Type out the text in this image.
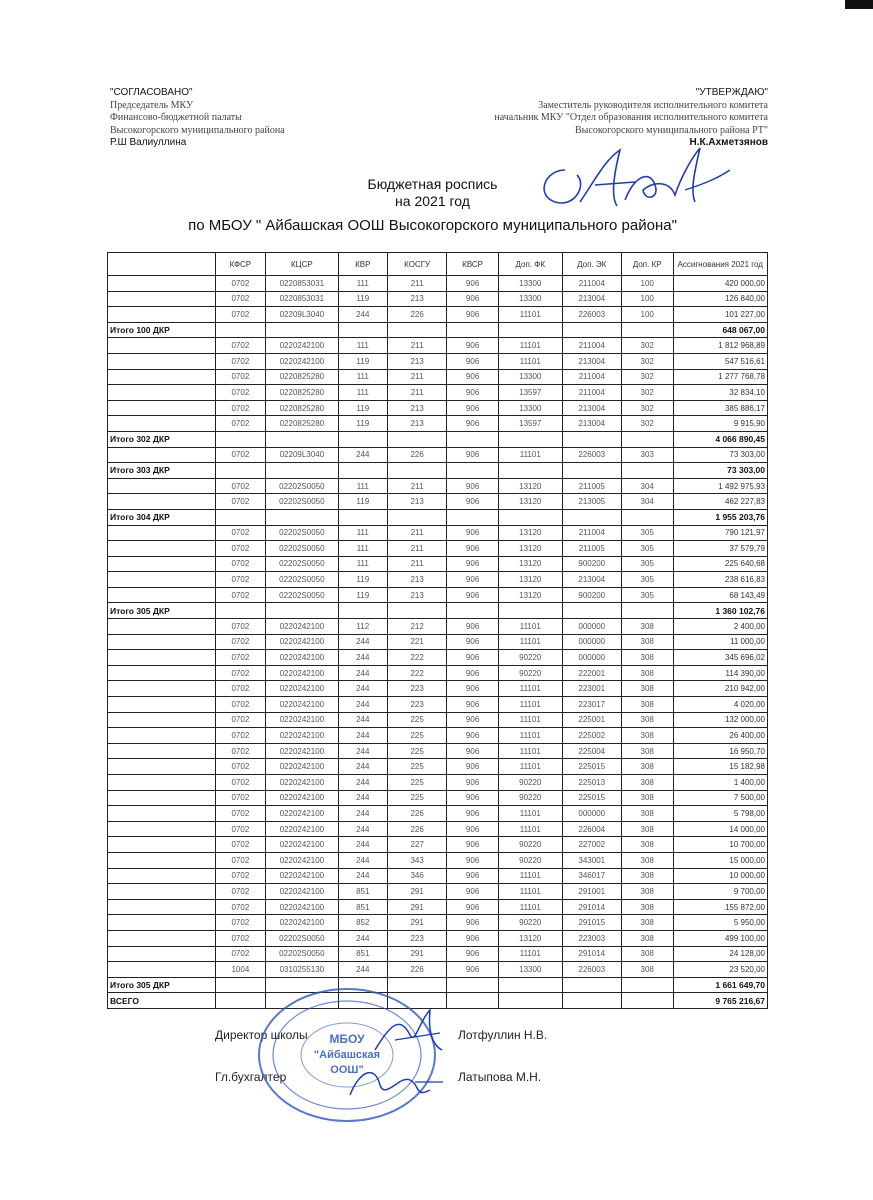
"СОГЛАСОВАНО"
Председатель МКУ
Финансово-бюджетной палаты
Высокогорского муниципального района
Р.Ш Валиуллина
"УТВЕРЖДАЮ"
Заместитель руководителя исполнительного комитета
начальник МКУ "Отдел образования исполнительного комитета
Высокогорского муниципального района РТ"
Н.К.Ахметзянов
Бюджетная роспись
на 2021 год
по МБОУ " Айбашская ООШ Высокогорского муниципального района"
	КФСР	КЦСР	КВР	КОСГУ	КВСР	Доп. ФК	Доп. ЭК	Доп. КР	Ассигнования 2021 год
	0702	0220853031	111	211	906	13300	211004	100	420 000,00
	0702	0220853031	119	213	906	13300	213004	100	126 840,00
	0702	02209L3040	244	226	906	11101	226003	100	101 227,00
Итого 100 ДКР									648 067,00
	0702	0220242100	111	211	906	11101	211004	302	1 812 968,89
	0702	0220242100	119	213	906	11101	213004	302	547 516,61
	0702	0220825280	111	211	906	13300	211004	302	1 277 768,78
	0702	0220825280	111	211	906	13597	211004	302	32 834,10
	0702	0220825280	119	213	906	13300	213004	302	385 886,17
	0702	0220825280	119	213	906	13597	213004	302	9 915,90
Итого 302 ДКР									4 066 890,45
	0702	02209L3040	244	226	906	11101	226003	303	73 303,00
Итого 303 ДКР									73 303,00
	0702	02202S0050	111	211	906	13120	211005	304	1 492 975,93
	0702	02202S0050	119	213	906	13120	213005	304	462 227,83
Итого 304 ДКР									1 955 203,76
	0702	02202S0050	111	211	906	13120	211004	305	790 121,97
	0702	02202S0050	111	211	906	13120	211005	305	37 579,79
	0702	02202S0050	111	211	906	13120	900200	305	225 640,68
	0702	02202S0050	119	213	906	13120	213004	305	238 616,83
	0702	02202S0050	119	213	906	13120	900200	305	68 143,49
Итого 305 ДКР									1 360 102,76
	0702	0220242100	112	212	906	11101	000000	308	2 400,00
	0702	0220242100	244	221	906	11101	000000	308	11 000,00
	0702	0220242100	244	222	906	90220	000000	308	345 696,02
	0702	0220242100	244	222	906	90220	222001	308	114 390,00
	0702	0220242100	244	223	906	11101	223001	308	210 942,00
	0702	0220242100	244	223	906	11101	223017	308	4 020,00
	0702	0220242100	244	225	906	11101	225001	308	132 000,00
	0702	0220242100	244	225	906	11101	225002	308	26 400,00
	0702	0220242100	244	225	906	11101	225004	308	16 950,70
	0702	0220242100	244	225	906	11101	225015	308	15 182,98
	0702	0220242100	244	225	906	90220	225013	308	1 400,00
	0702	0220242100	244	225	906	90220	225015	308	7 500,00
	0702	0220242100	244	226	906	11101	000000	308	5 798,00
	0702	0220242100	244	226	906	11101	226004	308	14 000,00
	0702	0220242100	244	227	906	90220	227002	308	10 700,00
	0702	0220242100	244	343	906	90220	343001	308	15 000,00
	0702	0220242100	244	346	906	11101	346017	308	10 000,00
	0702	0220242100	851	291	906	11101	291001	308	9 700,00
	0702	0220242100	851	291	906	11101	291014	308	155 872,00
	0702	0220242100	852	291	906	90220	291015	308	5 950,00
	0702	02202S0050	244	223	906	13120	223003	308	499 100,00
	0702	02202S0050	851	291	906	11101	291014	308	24 128,00
	1004	0310255130	244	226	906	13300	226003	308	23 520,00
Итого 305 ДКР									1 661 649,70
ВСЕГО									9 765 216,67
Директор школы	Лотфуллин Н.В.
Гл.бухгалтер	Латыпова М.Н.
МБОУ
"Айбашская
ООШ"
